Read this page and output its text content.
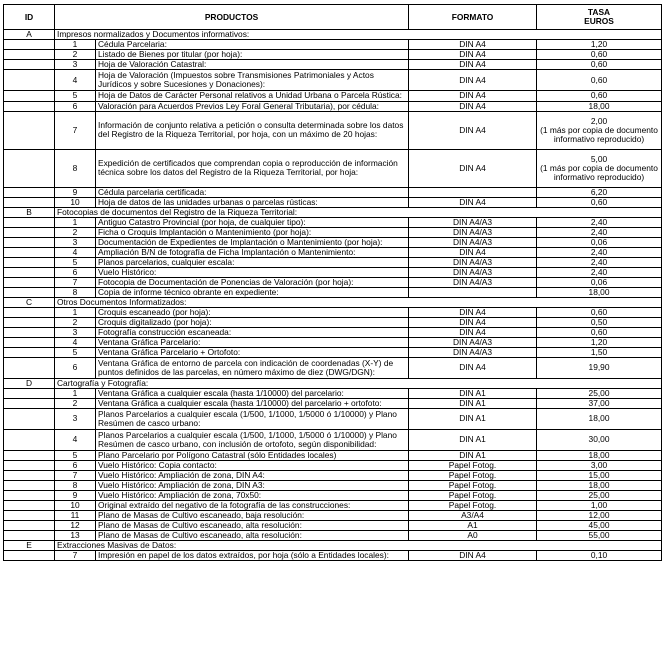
ID	PRODUCTOS		FORMATO	TASA
EUROS
A	Impresos normalizados y Documentos informativos:			
	1	Cédula Parcelaria:	DIN A4	1,20

	2	Listado de Bienes por titular (por hoja):	DIN A4	0,60

	3	Hoja de Valoración Catastral:	DIN A4	0,60

	4	Hoja de Valoración (Impuestos sobre Transmisiones Patrimoniales y Actos Jurídicos y sobre Sucesiones y Donaciones):	DIN A4	0,60

	5	Hoja de Datos de Carácter Personal relativos a Unidad Urbana o Parcela Rústica:	DIN A4	0,60

	6	Valoración para Acuerdos Previos Ley Foral General Tributaria), por cédula:	DIN A4	18,00

	7	Información de conjunto relativa a petición o consulta determinada sobre los datos del Registro de la Riqueza Territorial, por hoja, con un máximo de 20 hojas:	DIN A4	2,00
(1 más por copia de documento informativo reproducido)

	8	Expedición de certificados que comprendan copia o reproducción de información técnica sobre los datos del Registro de la Riqueza Territorial, por hoja:	DIN A4	5,00
(1 más por copia de documento informativo reproducido)

	9	Cédula parcelaria certificada:		6,20

	10	Hoja de datos de las unidades urbanas o parcelas rústicas:	DIN A4	0,60

B	Fotocopias de documentos del Registro de la Riqueza Territorial:			
	1	Antiguo Catastro Provincial (por hoja, de cualquier tipo):	DIN A4/A3	2,40

	2	Ficha o Croquis Implantación o Mantenimiento (por hoja):	DIN A4/A3	2,40

	3	Documentación de Expedientes de Implantación o Mantenimiento (por hoja):	DIN A4/A3	0,06

	4	Ampliación B/N de fotografía de Ficha Implantación o Mantenimiento:	DIN A4	2,40

	5	Planos parcelarios, cualquier escala:	DIN A4/A3	2,40

	6	Vuelo Histórico:	DIN A4/A3	2,40

	7	Fotocopia de Documentación de Ponencias de Valoración (por hoja):	DIN A4/A3	0,06

	8	Copia de informe técnico obrante en expediente:		18,00

C	Otros Documentos Informatizados:			
	1	Croquis escaneado (por hoja):	DIN A4	0,60

	2	Croquis digitalizado (por hoja):	DIN A4	0,50

	3	Fotografía construcción escaneada:	DIN A4	0,60

	4	Ventana Gráfica Parcelario:	DIN A4/A3	1,20

	5	Ventana Gráfica Parcelario + Ortofoto:	DIN A4/A3	1,50

	6	Ventana Gráfica de entorno de parcela con indicación de coordenadas (X-Y) de puntos definidos de las parcelas, en número máximo de diez (DWG/DGN):	DIN A4	19,90

D	Cartografía y Fotografía:			
	1	Ventana Gráfica a cualquier escala (hasta 1/10000) del parcelario:	DIN A1	25,00

	2	Ventana Gráfica a cualquier escala (hasta 1/10000) del parcelario + ortofoto:	DIN A1	37,00

	3	Planos Parcelarios a cualquier escala (1/500, 1/1000, 1/5000 ó 1/10000) y Plano Resúmen de casco urbano:	DIN A1	18,00

	4	Planos Parcelarios a cualquier escala (1/500, 1/1000, 1/5000 ó 1/10000) y Plano Resúmen de casco urbano, con inclusión de ortofoto, según disponibilidad:	DIN A1	30,00

	5	Plano Parcelario por Polígono Catastral (sólo Entidades locales)	DIN A1	18,00

	6	Vuelo Histórico: Copia contacto:	Papel Fotog.	3,00

	7	Vuelo Histórico: Ampliación de zona, DIN A4:	Papel Fotog.	15,00

	8	Vuelo Histórico: Ampliación de zona, DIN A3:	Papel Fotog.	18,00

	9	Vuelo Histórico: Ampliación de zona, 70x50:	Papel Fotog.	25,00

	10	Original extraído del negativo de la fotografía de las construcciones:	Papel Fotog.	1,00

	11	Plano de Masas de Cultivo escaneado, baja resolución:	A3/A4	12,00

	12	Plano de Masas de Cultivo escaneado, alta resolución:	A1	45,00

	13	Plano de Masas de Cultivo escaneado, alta resolución:	A0	55,00

E	Extracciones Masivas de Datos:			
	7	Impresión en papel de los datos extraídos, por hoja (sólo a Entidades locales):	DIN A4	0,10
